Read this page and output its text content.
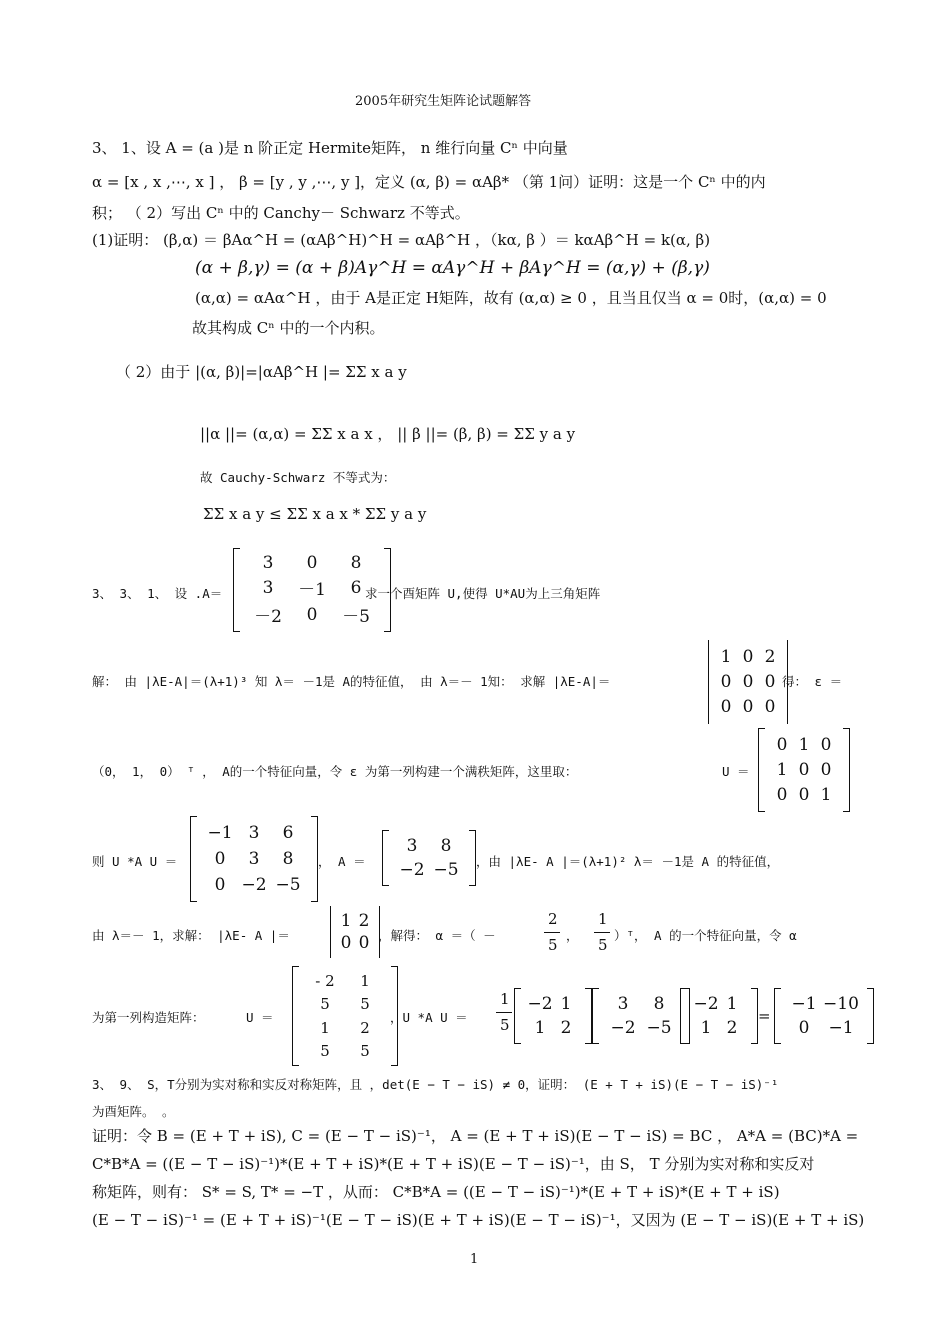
2005年研究生矩阵论试题解答
3、 1、设 A = (a )是 n 阶正定 Hermite矩阵， n 维行向量 Cⁿ 中向量
α = [x , x ,⋯, x ] ， β = [y , y ,⋯, y ]，定义 (α, β) = αAβ* （第 1问）证明：这是一个 Cⁿ 中的内
积； （ 2）写出 Cⁿ 中的 Canchy－ Schwarz 不等式。
(1)证明： (β,α) ＝ βAα^H = (αAβ^H)^H = αAβ^H ，（kα, β ）＝ kαAβ^H = k(α, β)
(α + β,γ) = (α + β)Aγ^H = αAγ^H + βAγ^H = (α,γ) + (β,γ)
(α,α) = αAα^H ，由于 A是正定 H矩阵，故有 (α,α) ≥ 0 ，且当且仅当 α = 0时，(α,α) = 0
故其构成 Cⁿ 中的一个内积。
（ 2）由于 |(α, β)|=|αAβ^H |= ΣΣ x a y
||α ||= (α,α) = ΣΣ x a x ， || β ||= (β, β) = ΣΣ y a y
故 Cauchy-Schwarz 不等式为：
ΣΣ x a y ≤ ΣΣ x a x * ΣΣ y a y
3、 3、 1、 设 .A＝
3 0 8
3 －1 6
－2 0 －5
求一个酉矩阵 U,使得 U*AU为上三角矩阵
解： 由 |λE-A|＝(λ+1)³ 知 λ＝ －1是 A的特征值， 由 λ＝－ 1知： 求解 |λE-A|＝
1 0 2
0 0 0
0 0 0
得： ε ＝
（0， 1， 0） ᵀ ， A的一个特征向量，令 ε 为第一列构建一个满秩矩阵，这里取：	U ＝
0 1 0
1 0 0
0 0 1
则 U *A U ＝
−1 3 6
0 3 8
0 −2 −5
， A ＝
3 8
−2 −5 ，由 |λE- A |＝(λ+1)² λ＝ －1是 A 的特征值，
由 λ＝－ 1，求解： |λE- A |＝
1 2
0 0 ，解得： α ＝（ －
2
5
，
1
5
）ᵀ， A 的一个特征向量，令 α
为第一列构造矩阵：	U ＝
- 2 1
5 5
1 2
5 5
，U *A U ＝
1
5
−2 1
1 2
3 8
−2 −5
−2 1
1 2
=
−1 −10
0 −1
3、 9、 S，T分别为实对称和实反对称矩阵，且 ，det(E − T − iS) ≠ 0，证明： (E + T + iS)(E − T − iS)⁻¹
为酉矩阵。 。
证明：令 B = (E + T + iS), C = (E − T − iS)⁻¹， A = (E + T + iS)(E − T − iS) = BC ， A*A = (BC)*A =
C*B*A = ((E − T − iS)⁻¹)*(E + T + iS)*(E + T + iS)(E − T − iS)⁻¹，由 S， T 分别为实对称和实反对
称矩阵，则有： S* = S, T* = −T ，从而： C*B*A = ((E − T − iS)⁻¹)*(E + T + iS)*(E + T + iS)
(E − T − iS)⁻¹ = (E + T + iS)⁻¹(E − T − iS)(E + T + iS)(E − T − iS)⁻¹，又因为 (E − T − iS)(E + T + iS)
1
